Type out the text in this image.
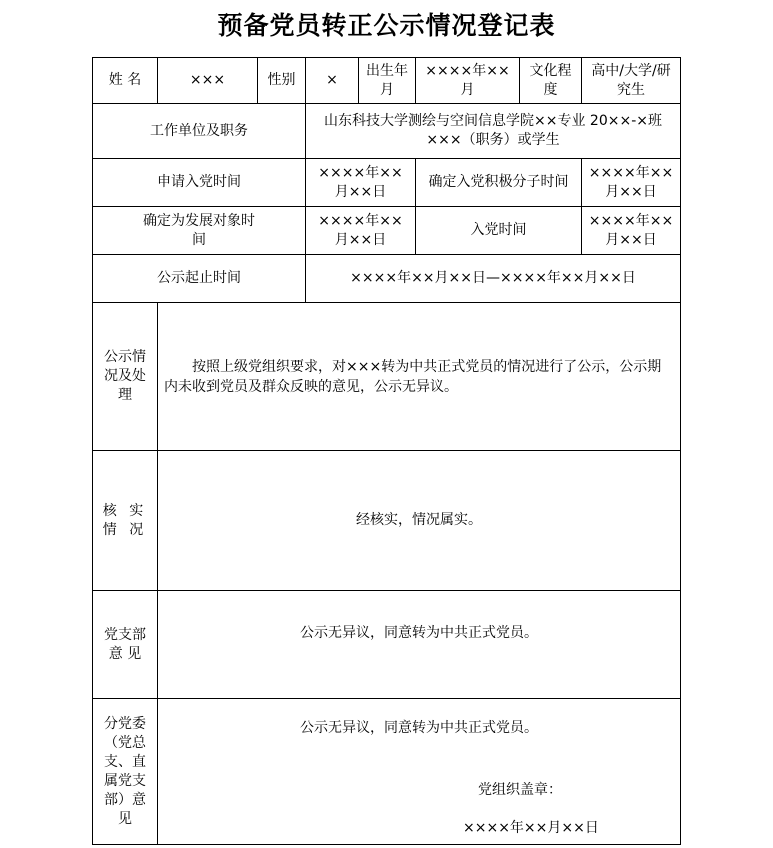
预备党员转正公示情况登记表
姓 名	×××	性别	×	出生年月	××××年××月	文化程度	高中/大学/研究生
工作单位及职务			山东科技大学测绘与空间信息学院××专业 20××-×班
×××（职务）或学生				

申请入党时间			××××年××月××日		确定入党积极分子时间		××××年××月××日
确定为发展对象时间			××××年××月××日		入党时间		××××年××月××日
公示起止时间			××××年××月××日—××××年××月××日				
公示情况及处理	按照上级党组织要求，对×××转为中共正式党员的情况进行了公示，公示期内未收到党员及群众反映的意见，公示无异议。						
核 实情 况	经核实，情况属实。						
党支部意 见	公示无异议，同意转为中共正式党员。						
分党委（党总支、直属党支部）意 见	公示无异议，同意转为中共正式党员。
党组织盖章：
××××年××月××日						
